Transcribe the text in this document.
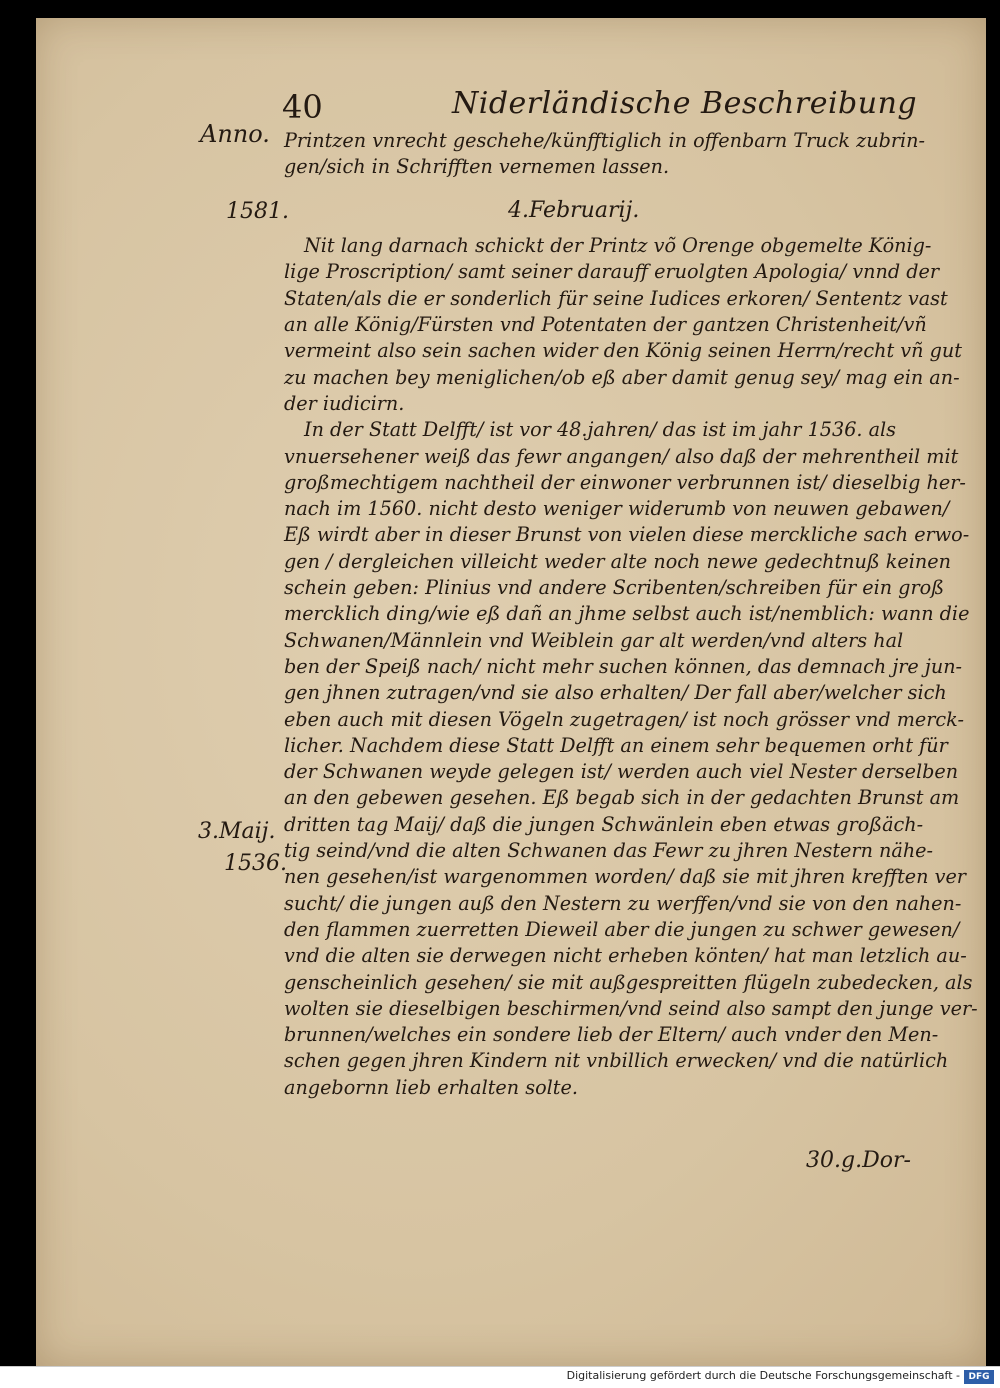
40	Niderländische Beschreibung
Anno.
1581.
3.Maij.
1536.
4.Februarij.
Printzen vnrecht geschehe/künfftiglich in offenbarn Truck zubrin-
gen/sich in Schrifften vernemen lassen.
Nit lang darnach schickt der Printz võ Orenge obgemelte König-
lige Proscription/ samt seiner darauff eruolgten Apologia/ vnnd der
Staten/als die er sonderlich für seine Iudices erkoren/ Sententz vast
an alle König/Fürsten vnd Potentaten der gantzen Christenheit/vñ
vermeint also sein sachen wider den König seinen Herrn/recht vñ gut
zu machen bey meniglichen/ob eß aber damit genug sey/ mag ein an-
der iudicirn.
In der Statt Delfft/ ist vor 48.jahren/ das ist im jahr 1536. als
vnuersehener weiß das fewr angangen/ also daß der mehrentheil mit
großmechtigem nachtheil der einwoner verbrunnen ist/ dieselbig her-
nach im 1560. nicht desto weniger widerumb von neuwen gebawen/
Eß wirdt aber in dieser Brunst von vielen diese merckliche sach erwo-
gen / dergleichen villeicht weder alte noch newe gedechtnuß keinen
schein geben: Plinius vnd andere Scribenten/schreiben für ein groß
mercklich ding/wie eß dañ an jhme selbst auch ist/nemblich: wann die
Schwanen/Männlein vnd Weiblein gar alt werden/vnd alters hal
ben der Speiß nach/ nicht mehr suchen können, das demnach jre jun-
gen jhnen zutragen/vnd sie also erhalten/ Der fall aber/welcher sich
eben auch mit diesen Vögeln zugetragen/ ist noch grösser vnd merck-
licher. Nachdem diese Statt Delfft an einem sehr bequemen orht für
der Schwanen weyde gelegen ist/ werden auch viel Nester derselben
an den gebewen gesehen. Eß begab sich in der gedachten Brunst am
dritten tag Maij/ daß die jungen Schwänlein eben etwas großäch-
tig seind/vnd die alten Schwanen das Fewr zu jhren Nestern nähe-
nen gesehen/ist wargenommen worden/ daß sie mit jhren krefften ver
sucht/ die jungen auß den Nestern zu werffen/vnd sie von den nahen-
den flammen zuerretten Dieweil aber die jungen zu schwer gewesen/
vnd die alten sie derwegen nicht erheben könten/ hat man letzlich au-
genscheinlich gesehen/ sie mit außgespreitten flügeln zubedecken, als
wolten sie dieselbigen beschirmen/vnd seind also sampt den junge ver-
brunnen/welches ein sondere lieb der Eltern/ auch vnder den Men-
schen gegen jhren Kindern nit vnbillich erwecken/ vnd die natürlich
angebornn lieb erhalten solte.
30.g.Dor-
Digitalisierung gefördert durch die Deutsche Forschungsgemeinschaft - DFG
